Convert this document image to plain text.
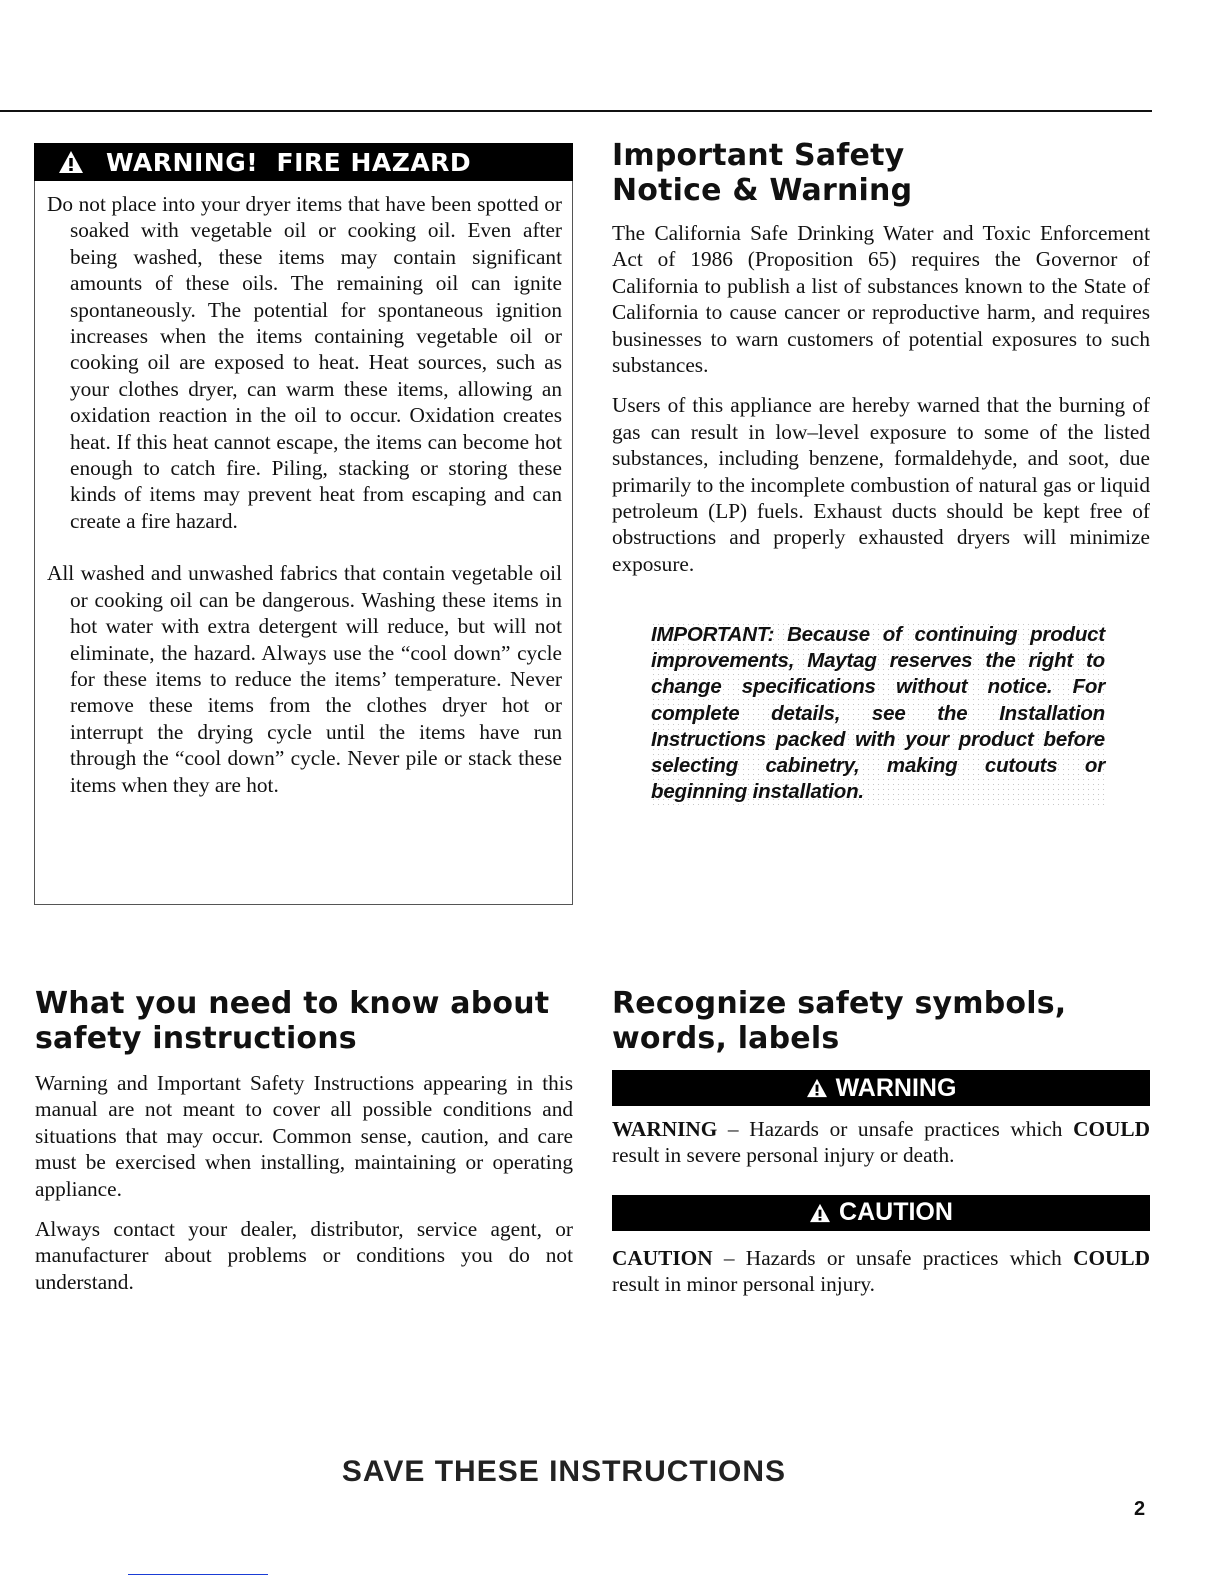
WARNING!  FIRE HAZARD

Do not place into your dryer items that have been spotted or soaked with vegetable oil or cooking oil. Even after being washed, these items may contain significant amounts of these oils. The remaining oil can ignite spontaneously. The potential for spontaneous ignition increases when the items containing vegetable oil or cooking oil are exposed to heat. Heat sources, such as your clothes dryer, can warm these items, allowing an oxidation reaction in the oil to occur. Oxidation creates heat. If this heat cannot escape, the items can become hot enough to catch fire. Piling, stacking or storing these kinds of items may prevent heat from escaping and can create a fire hazard.

All washed and unwashed fabrics that contain vegetable oil or cooking oil can be dangerous. Washing these items in hot water with extra detergent will reduce, but will not eliminate, the hazard. Always use the “cool down” cycle for these items to reduce the items’ temperature. Never remove these items from the clothes dryer hot or interrupt the drying cycle until the items have run through the “cool down” cycle. Never pile or stack these items when they are hot.

Important Safety
Notice & Warning

The California Safe Drinking Water and Toxic Enforcement Act of 1986 (Proposition 65) requires the Governor of California to publish a list of substances known to the State of California to cause cancer or reproductive harm, and requires businesses to warn customers of potential exposures to such substances.

Users of this appliance are hereby warned that the burning of gas can result in low–level exposure to some of the listed substances, including benzene, formaldehyde, and soot, due primarily to the incomplete combustion of natural gas or liquid petroleum (LP) fuels. Exhaust ducts should be kept free of obstructions and properly exhausted dryers will minimize exposure.

IMPORTANT: Because of continuing product improvements, Maytag reserves the right to change specifications without notice. For complete details, see the Installation Instructions packed with your product before selecting cabinetry, making cutouts or beginning installation.
What you need to know about
safety instructions

Warning and Important Safety Instructions appearing in this manual are not meant to cover all possible conditions and situations that may occur. Common sense, caution, and care must be exercised when installing, maintaining or operating appliance.

Always contact your dealer, distributor, service agent, or manufacturer about problems or conditions you do not understand.

Recognize safety symbols,
words, labels
WARNING

WARNING – Hazards or unsafe practices which COULD result in severe personal injury or death.

CAUTION

CAUTION – Hazards or unsafe practices which COULD result in minor personal injury.

SAVE THESE INSTRUCTIONS
2
